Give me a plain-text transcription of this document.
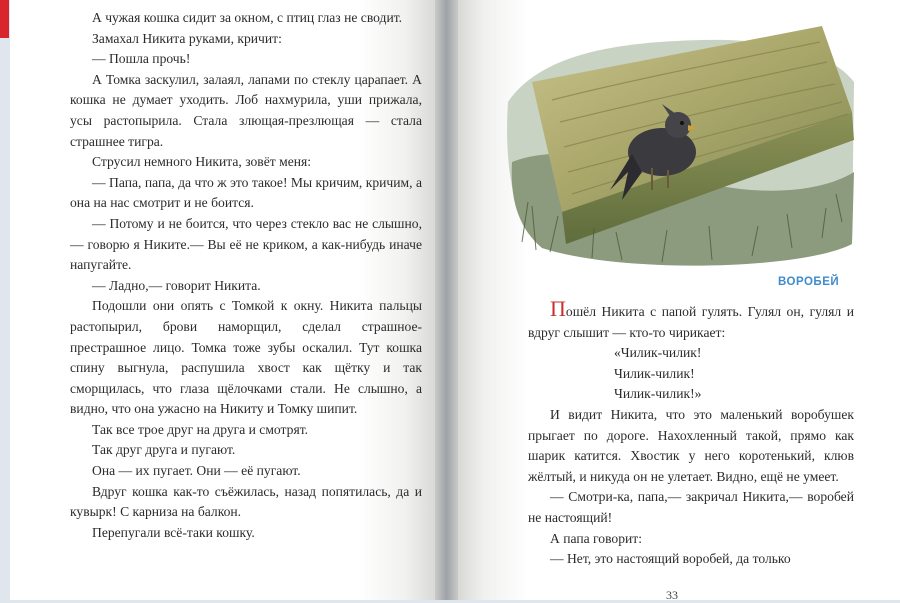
А чужая кошка сидит за окном, с птиц глаз не сводит.

Замахал Никита руками, кричит:

— Пошла прочь!

А Томка заскулил, залаял, лапами по стеклу царапает. А кошка не думает уходить. Лоб нахмурила, уши прижала, усы растопырила. Стала злющая-презлющая — стала страшнее тигра.

Струсил немного Никита, зовёт меня:

— Папа, папа, да что ж это такое! Мы кричим, кричим, а она на нас смотрит и не боится.

— Потому и не боится, что через стекло вас не слышно,— говорю я Никите.— Вы её не криком, а как-нибудь иначе напугайте.

— Ладно,— говорит Никита.

Подошли они опять с Томкой к окну. Никита пальцы растопырил, брови наморщил, сделал страшное-престрашное лицо. Томка тоже зубы оскалил. Тут кошка спину выгнула, распушила хвост как щётку и так сморщилась, что глаза щёлочками стали. Не слышно, а видно, что она ужасно на Никиту и Томку шипит.

Так все трое друг на друга и смотрят.

Так друг друга и пугают.

Она — их пугает. Они — её пугают.

Вдруг кошка как-то съёжилась, назад попятилась, да и кувырк! С карниза на балкон.

Перепугали всё-таки кошку.

ВОРОБЕЙ

Пошёл Никита с папой гулять. Гулял он, гулял и вдруг слышит — кто-то чирикает:

«Чилик-чилик!

Чилик-чилик!

Чилик-чилик!»

И видит Никита, что это маленький воробушек прыгает по дороге. Нахохленный такой, прямо как шарик катится. Хвостик у него коротенький, клюв жёлтый, и никуда он не улетает. Видно, ещё не умеет.

— Смотри-ка, папа,— закричал Никита,— воробей не настоящий!

А папа говорит:

— Нет, это настоящий воробей, да только

33
